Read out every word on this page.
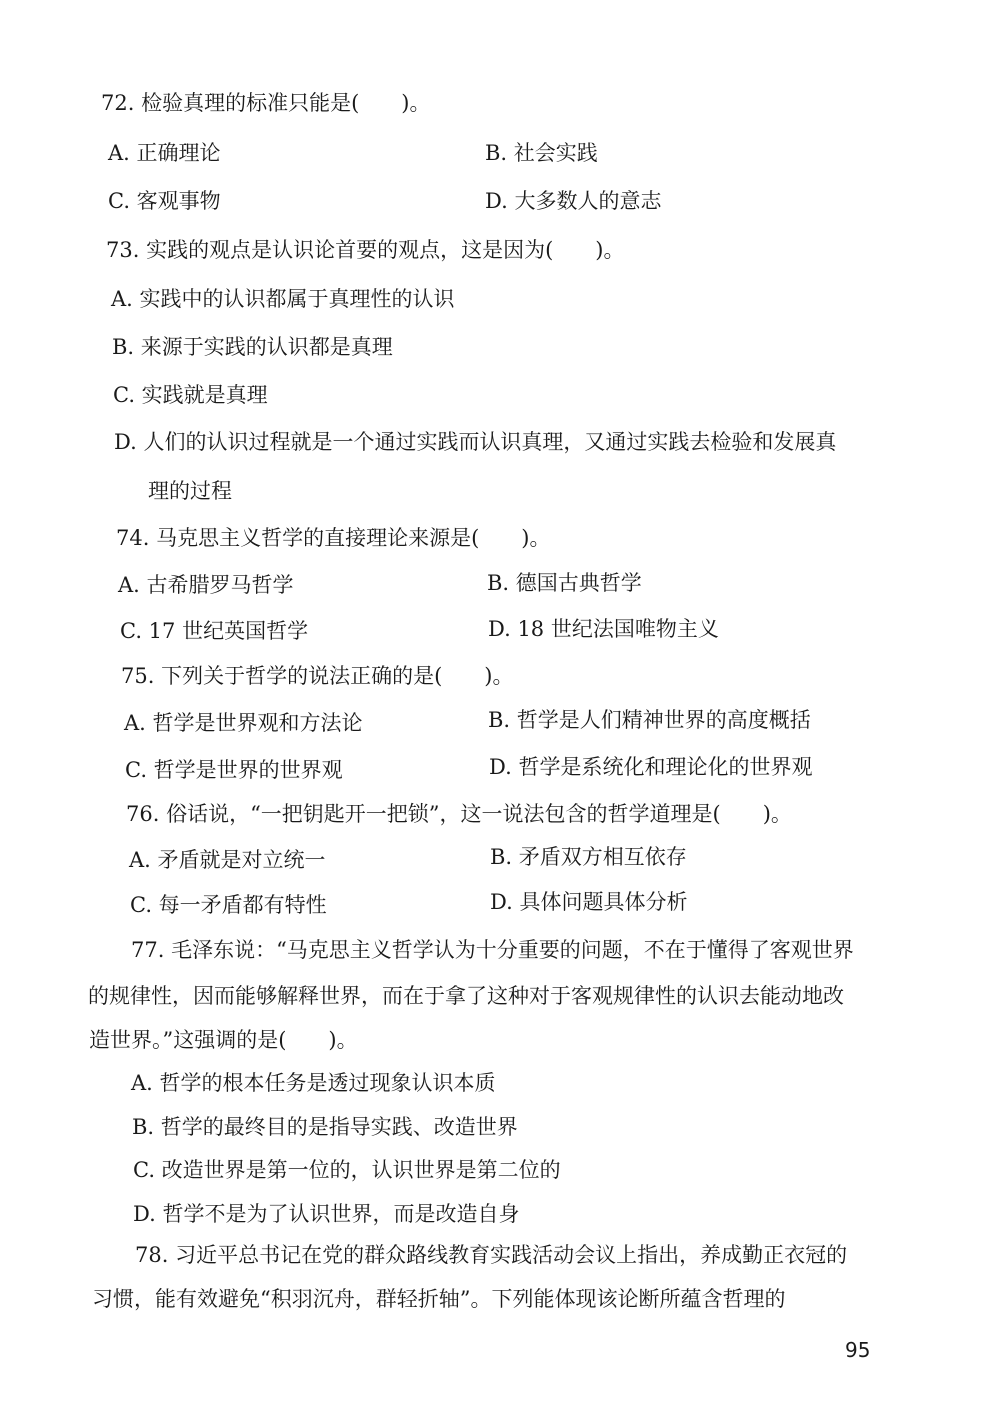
72. 检验真理的标准只能是(　　)。
A. 正确理论	B. 社会实践
C. 客观事物	D. 大多数人的意志
73. 实践的观点是认识论首要的观点，这是因为(　　)。
A. 实践中的认识都属于真理性的认识
B. 来源于实践的认识都是真理
C. 实践就是真理
D. 人们的认识过程就是一个通过实践而认识真理，又通过实践去检验和发展真
理的过程
74. 马克思主义哲学的直接理论来源是(　　)。
A. 古希腊罗马哲学	B. 德国古典哲学
C. 17 世纪英国哲学	D. 18 世纪法国唯物主义
75. 下列关于哲学的说法正确的是(　　)。
A. 哲学是世界观和方法论	B. 哲学是人们精神世界的高度概括
C. 哲学是世界的世界观	D. 哲学是系统化和理论化的世界观
76. 俗话说，“一把钥匙开一把锁”，这一说法包含的哲学道理是(　　)。
A. 矛盾就是对立统一	B. 矛盾双方相互依存
C. 每一矛盾都有特性	D. 具体问题具体分析
77. 毛泽东说：“马克思主义哲学认为十分重要的问题，不在于懂得了客观世界
的规律性，因而能够解释世界，而在于拿了这种对于客观规律性的认识去能动地改
造世界。”这强调的是(　　)。
A. 哲学的根本任务是透过现象认识本质
B. 哲学的最终目的是指导实践、改造世界
C. 改造世界是第一位的，认识世界是第二位的
D. 哲学不是为了认识世界，而是改造自身
78. 习近平总书记在党的群众路线教育实践活动会议上指出，养成勤正衣冠的
习惯，能有效避免“积羽沉舟，群轻折轴”。下列能体现该论断所蕴含哲理的
95
